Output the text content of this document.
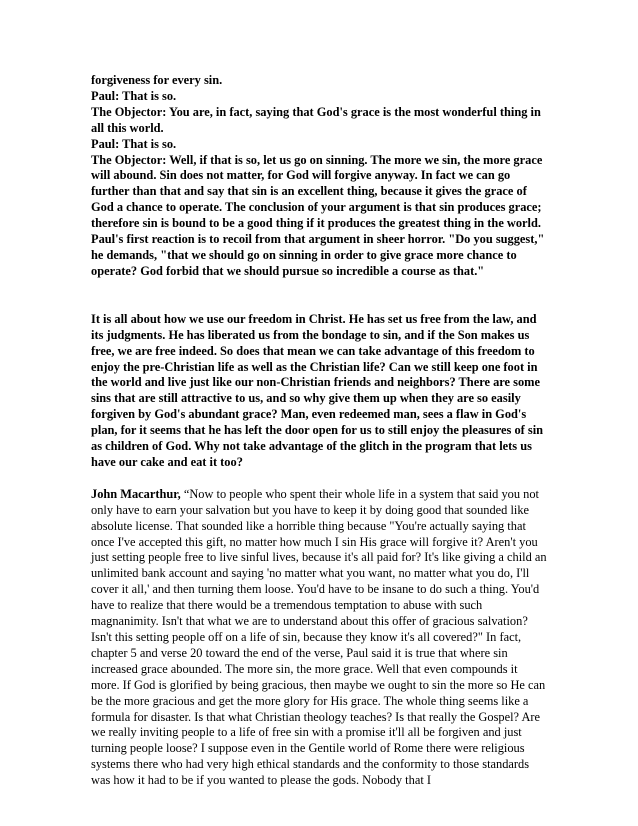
forgiveness for every sin.
Paul: That is so.
The Objector: You are, in fact, saying that God's grace is the most wonderful thing in all this world.
Paul: That is so.
The Objector: Well, if that is so, let us go on sinning. The more we sin, the more grace will abound. Sin does not matter, for God will forgive anyway. In fact we can go further than that and say that sin is an excellent thing, because it gives the grace of God a chance to operate. The conclusion of your argument is that sin produces grace; therefore sin is bound to be a good thing if it produces the greatest thing in the world.
Paul's first reaction is to recoil from that argument in sheer horror. "Do you suggest," he demands, "that we should go on sinning in order to give grace more chance to operate? God forbid that we should pursue so incredible a course as that."
It is all about how we use our freedom in Christ. He has set us free from the law, and its judgments. He has liberated us from the bondage to sin, and if the Son makes us free, we are free indeed. So does that mean we can take advantage of this freedom to enjoy the pre-Christian life as well as the Christian life? Can we still keep one foot in the world and live just like our non-Christian friends and neighbors? There are some sins that are still attractive to us, and so why give them up when they are so easily forgiven by God's abundant grace? Man, even redeemed man, sees a flaw in God's plan, for it seems that he has left the door open for us to still enjoy the pleasures of sin as children of God. Why not take advantage of the glitch in the program that lets us have our cake and eat it too?
John Macarthur, “Now to people who spent their whole life in a system that said you not only have to earn your salvation but you have to keep it by doing good that sounded like absolute license. That sounded like a horrible thing because "You're actually saying that once I've accepted this gift, no matter how much I sin His grace will forgive it? Aren't you just setting people free to live sinful lives, because it's all paid for? It's like giving a child an unlimited bank account and saying 'no matter what you want, no matter what you do, I'll cover it all,' and then turning them loose. You'd have to be insane to do such a thing. You'd have to realize that there would be a tremendous temptation to abuse with such magnanimity. Isn't that what we are to understand about this offer of gracious salvation? Isn't this setting people off on a life of sin, because they know it's all covered?" In fact, chapter 5 and verse 20 toward the end of the verse, Paul said it is true that where sin increased grace abounded. The more sin, the more grace. Well that even compounds it more. If God is glorified by being gracious, then maybe we ought to sin the more so He can be the more gracious and get the more glory for His grace. The whole thing seems like a formula for disaster. Is that what Christian theology teaches? Is that really the Gospel? Are we really inviting people to a life of free sin with a promise it'll all be forgiven and just turning people loose? I suppose even in the Gentile world of Rome there were religious systems there who had very high ethical standards and the conformity to those standards was how it had to be if you wanted to please the gods. Nobody that I
